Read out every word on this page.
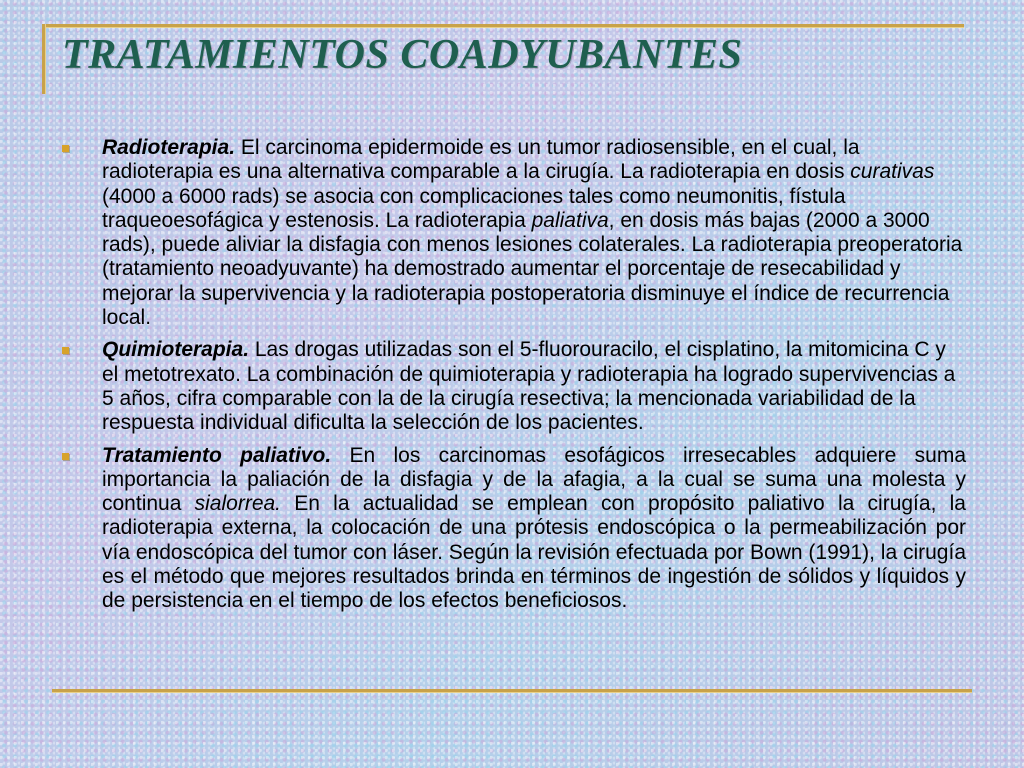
TRATAMIENTOS COADYUBANTES
Radioterapia. El carcinoma epidermoide es un tumor radiosensible, en el cual, la radioterapia es una alternativa comparable a la cirugía. La radioterapia en dosis curativas (4000 a 6000 rads) se asocia con complicaciones tales como neumonitis, fístula traqueoesofágica y estenosis. La radioterapia paliativa, en dosis más bajas (2000 a 3000 rads), puede aliviar la disfagia con menos lesiones colaterales. La radioterapia preoperatoria (tratamiento neoadyuvante) ha demostrado aumentar el porcentaje de resecabilidad y mejorar la supervivencia y la radioterapia postoperatoria disminuye el índice de recurrencia local.
Quimioterapia. Las drogas utilizadas son el 5-fluorouracilo, el cisplatino, la mitomicina C y el metotrexato. La combinación de quimioterapia y radioterapia ha logrado supervivencias a 5 años, cifra comparable con la de la cirugía resectiva; la mencionada variabilidad de la respuesta individual dificulta la selección de los pacientes.
Tratamiento paliativo. En los carcinomas esofágicos irresecables adquiere suma importancia la paliación de la disfagia y de la afagia, a la cual se suma una molesta y continua sialorrea. En la actualidad se emplean con propósito paliativo la cirugía, la radioterapia externa, la colocación de una prótesis endoscópica o la permeabilización por vía endoscópica del tumor con láser. Según la revisión efectuada por Bown (1991), la cirugía es el método que mejores resultados brinda en términos de ingestión de sólidos y líquidos y de persistencia en el tiempo de los efectos beneficiosos.
